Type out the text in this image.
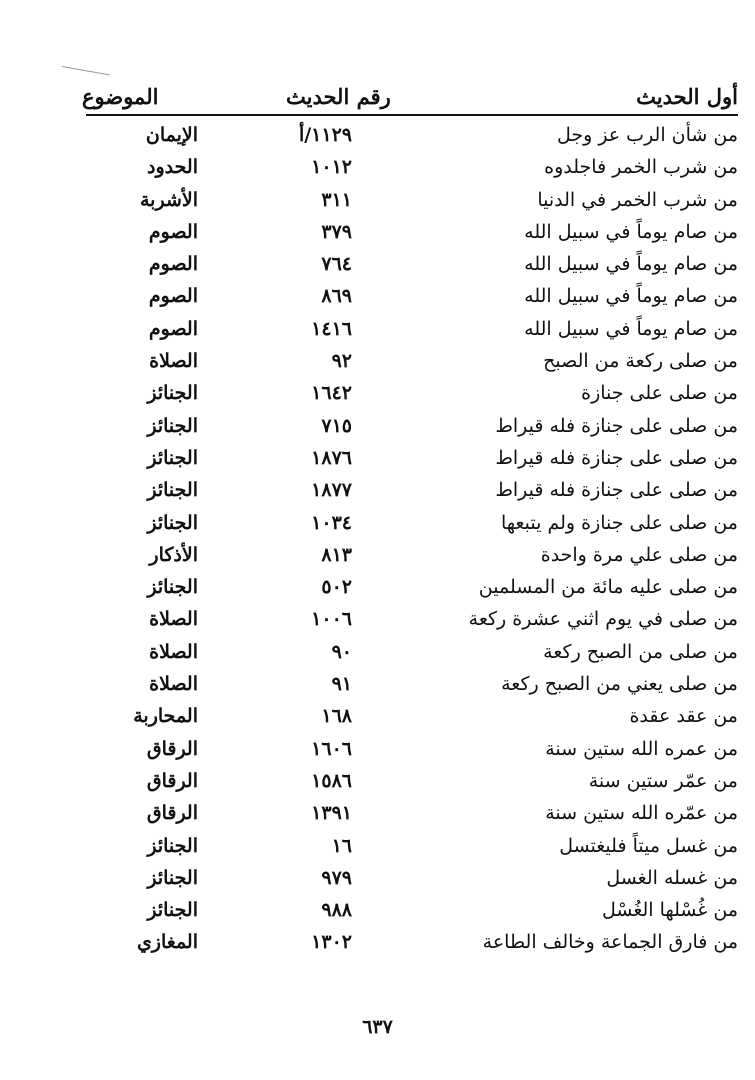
أول الحديث
رقم الحديث
الموضوع
من شأن الرب عز وجل
١١٢٩/أ
الإيمان
من شرب الخمر فاجلدوه
١٠١٢
الحدود
من شرب الخمر في الدنيا
٣١١
الأشربة
من صام يوماً في سبيل الله
٣٧٩
الصوم
من صام يوماً في سبيل الله
٧٦٤
الصوم
من صام يوماً في سبيل الله
٨٦٩
الصوم
من صام يوماً في سبيل الله
١٤١٦
الصوم
من صلى ركعة من الصبح
٩٢
الصلاة
من صلى على جنازة
١٦٤٢
الجنائز
من صلى على جنازة فله قيراط
٧١٥
الجنائز
من صلى على جنازة فله قيراط
١٨٧٦
الجنائز
من صلى على جنازة فله قيراط
١٨٧٧
الجنائز
من صلى على جنازة ولم يتبعها
١٠٣٤
الجنائز
من صلى علي مرة واحدة
٨١٣
الأذكار
من صلى عليه مائة من المسلمين
٥٠٢
الجنائز
من صلى في يوم اثني عشرة ركعة
١٠٠٦
الصلاة
من صلى من الصبح ركعة
٩٠
الصلاة
من صلى يعني من الصبح ركعة
٩١
الصلاة
من عقد عقدة
١٦٨
المحاربة
من عمره الله ستين سنة
١٦٠٦
الرقاق
من عمّر ستين سنة
١٥٨٦
الرقاق
من عمّره الله ستين سنة
١٣٩١
الرقاق
من غسل ميتاً فليغتسل
١٦
الجنائز
من غسله الغسل
٩٧٩
الجنائز
من غُسْلها الغُسْل
٩٨٨
الجنائز
من فارق الجماعة وخالف الطاعة
١٣٠٢
المغازي
٦٣٧
